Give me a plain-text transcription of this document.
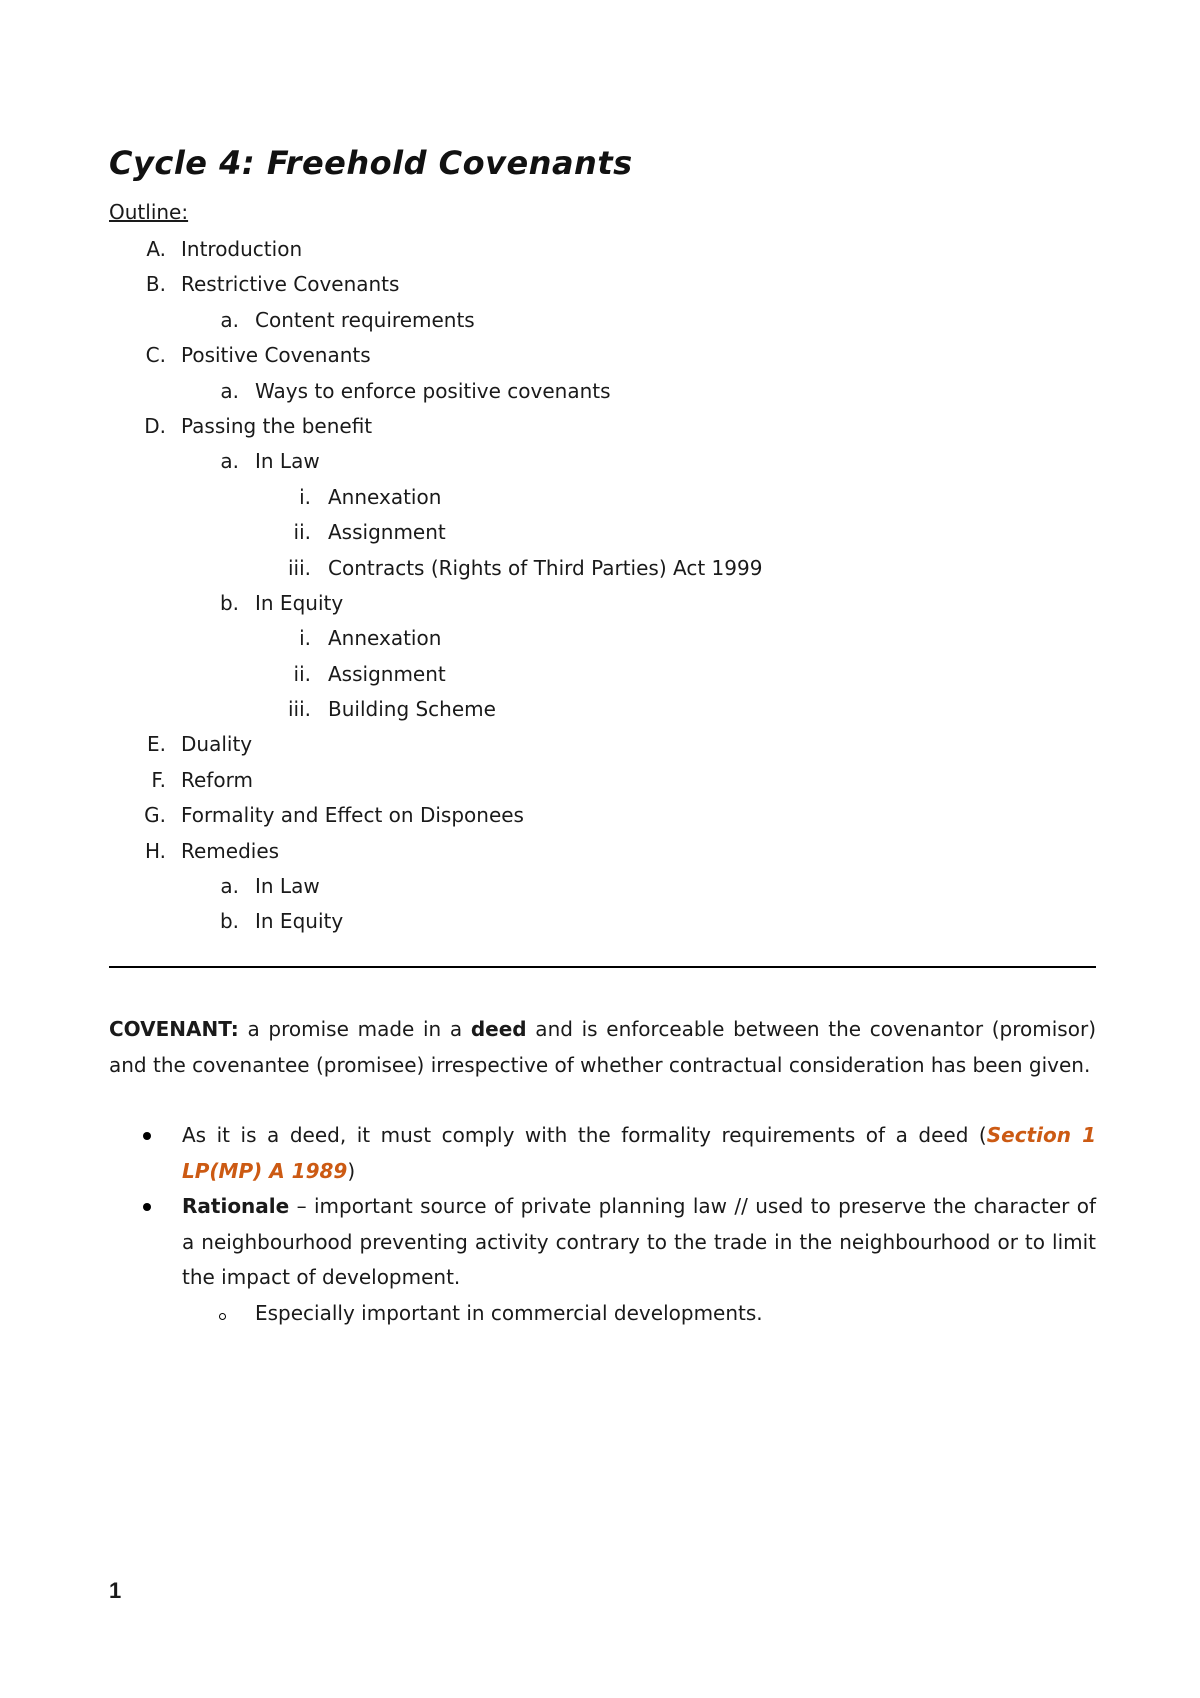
Cycle 4: Freehold Covenants
Outline:
A. Introduction
B. Restrictive Covenants
a. Content requirements
C. Positive Covenants
a. Ways to enforce positive covenants
D. Passing the benefit
a. In Law
i. Annexation
ii. Assignment
iii. Contracts (Rights of Third Parties) Act 1999
b. In Equity
i. Annexation
ii. Assignment
iii. Building Scheme
E. Duality
F. Reform
G. Formality and Effect on Disponees
H. Remedies
a. In Law
b. In Equity

COVENANT: a promise made in a deed and is enforceable between the covenantor (promisor) and the covenantee (promisee) irrespective of whether contractual consideration has been given.

As it is a deed, it must comply with the formality requirements of a deed (Section 1 LP(MP) A 1989)
Rationale – important source of private planning law // used to preserve the character of a neighbourhood preventing activity contrary to the trade in the neighbourhood or to limit the impact of development.
Especially important in commercial developments.
1
